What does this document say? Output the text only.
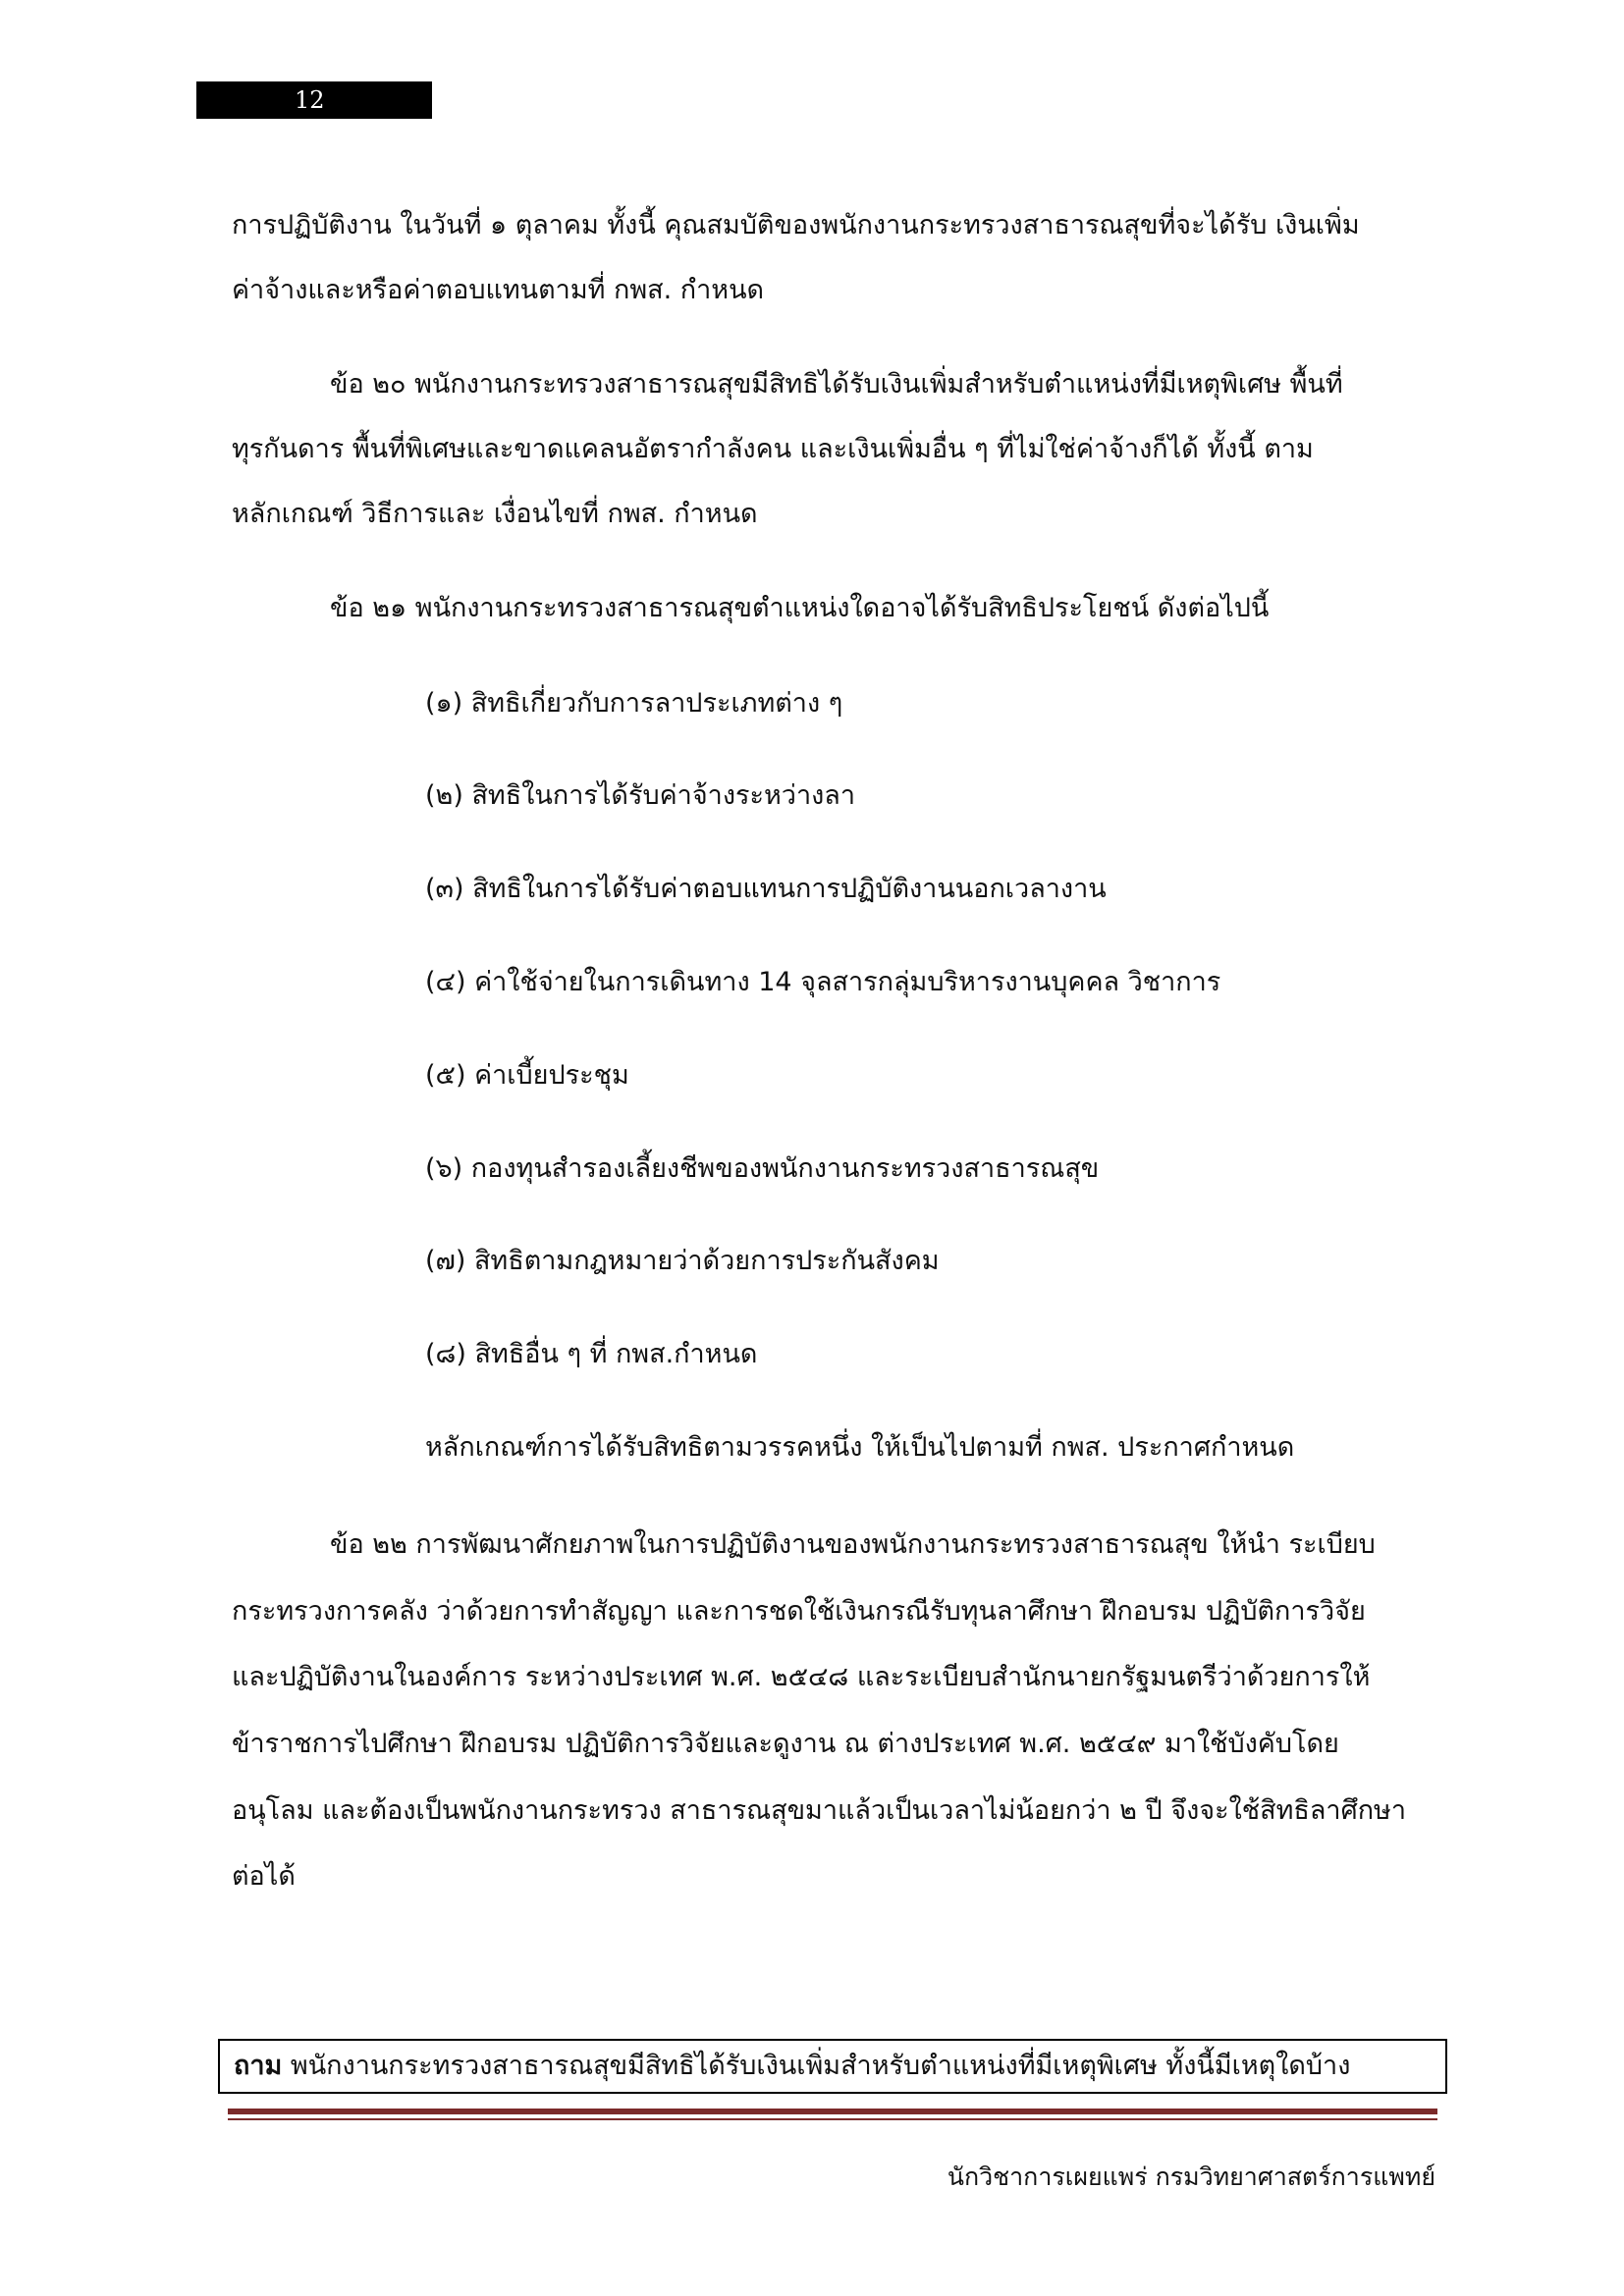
12
การปฏิบัติงาน ในวันที่ ๑ ตุลาคม ทั้งนี้ คุณสมบัติของพนักงานกระทรวงสาธารณสุขที่จะได้รับ เงินเพิ่ม
ค่าจ้างและหรือค่าตอบแทนตามที่ กพส. กำหนด
ข้อ ๒๐ พนักงานกระทรวงสาธารณสุขมีสิทธิได้รับเงินเพิ่มสำหรับตำแหน่งที่มีเหตุพิเศษ พื้นที่
ทุรกันดาร พื้นที่พิเศษและขาดแคลนอัตรากำลังคน และเงินเพิ่มอื่น ๆ ที่ไม่ใช่ค่าจ้างก็ได้ ทั้งนี้ ตาม
หลักเกณฑ์ วิธีการและ เงื่อนไขที่ กพส. กำหนด
ข้อ ๒๑ พนักงานกระทรวงสาธารณสุขตำแหน่งใดอาจได้รับสิทธิประโยชน์ ดังต่อไปนี้
(๑) สิทธิเกี่ยวกับการลาประเภทต่าง ๆ
(๒) สิทธิในการได้รับค่าจ้างระหว่างลา
(๓) สิทธิในการได้รับค่าตอบแทนการปฏิบัติงานนอกเวลางาน
(๔) ค่าใช้จ่ายในการเดินทาง 14 จุลสารกลุ่มบริหารงานบุคคล วิชาการ
(๕) ค่าเบี้ยประชุม
(๖) กองทุนสำรองเลี้ยงชีพของพนักงานกระทรวงสาธารณสุข
(๗) สิทธิตามกฎหมายว่าด้วยการประกันสังคม
(๘) สิทธิอื่น ๆ ที่ กพส.กำหนด
หลักเกณฑ์การได้รับสิทธิตามวรรคหนึ่ง ให้เป็นไปตามที่ กพส. ประกาศกำหนด
ข้อ ๒๒ การพัฒนาศักยภาพในการปฏิบัติงานของพนักงานกระทรวงสาธารณสุข ให้นำ ระเบียบ
กระทรวงการคลัง ว่าด้วยการทำสัญญา และการชดใช้เงินกรณีรับทุนลาศึกษา ฝึกอบรม ปฏิบัติการวิจัย
และปฏิบัติงานในองค์การ ระหว่างประเทศ พ.ศ. ๒๕๔๘ และระเบียบสำนักนายกรัฐมนตรีว่าด้วยการให้
ข้าราชการไปศึกษา ฝึกอบรม ปฏิบัติการวิจัยและดูงาน ณ ต่างประเทศ พ.ศ. ๒๕๔๙ มาใช้บังคับโดย
อนุโลม และต้องเป็นพนักงานกระทรวง สาธารณสุขมาแล้วเป็นเวลาไม่น้อยกว่า ๒ ปี จึงจะใช้สิทธิลาศึกษา
ต่อได้
ถาม พนักงานกระทรวงสาธารณสุขมีสิทธิได้รับเงินเพิ่มสำหรับตำแหน่งที่มีเหตุพิเศษ ทั้งนี้มีเหตุใดบ้าง
นักวิชาการเผยแพร่ กรมวิทยาศาสตร์การแพทย์
